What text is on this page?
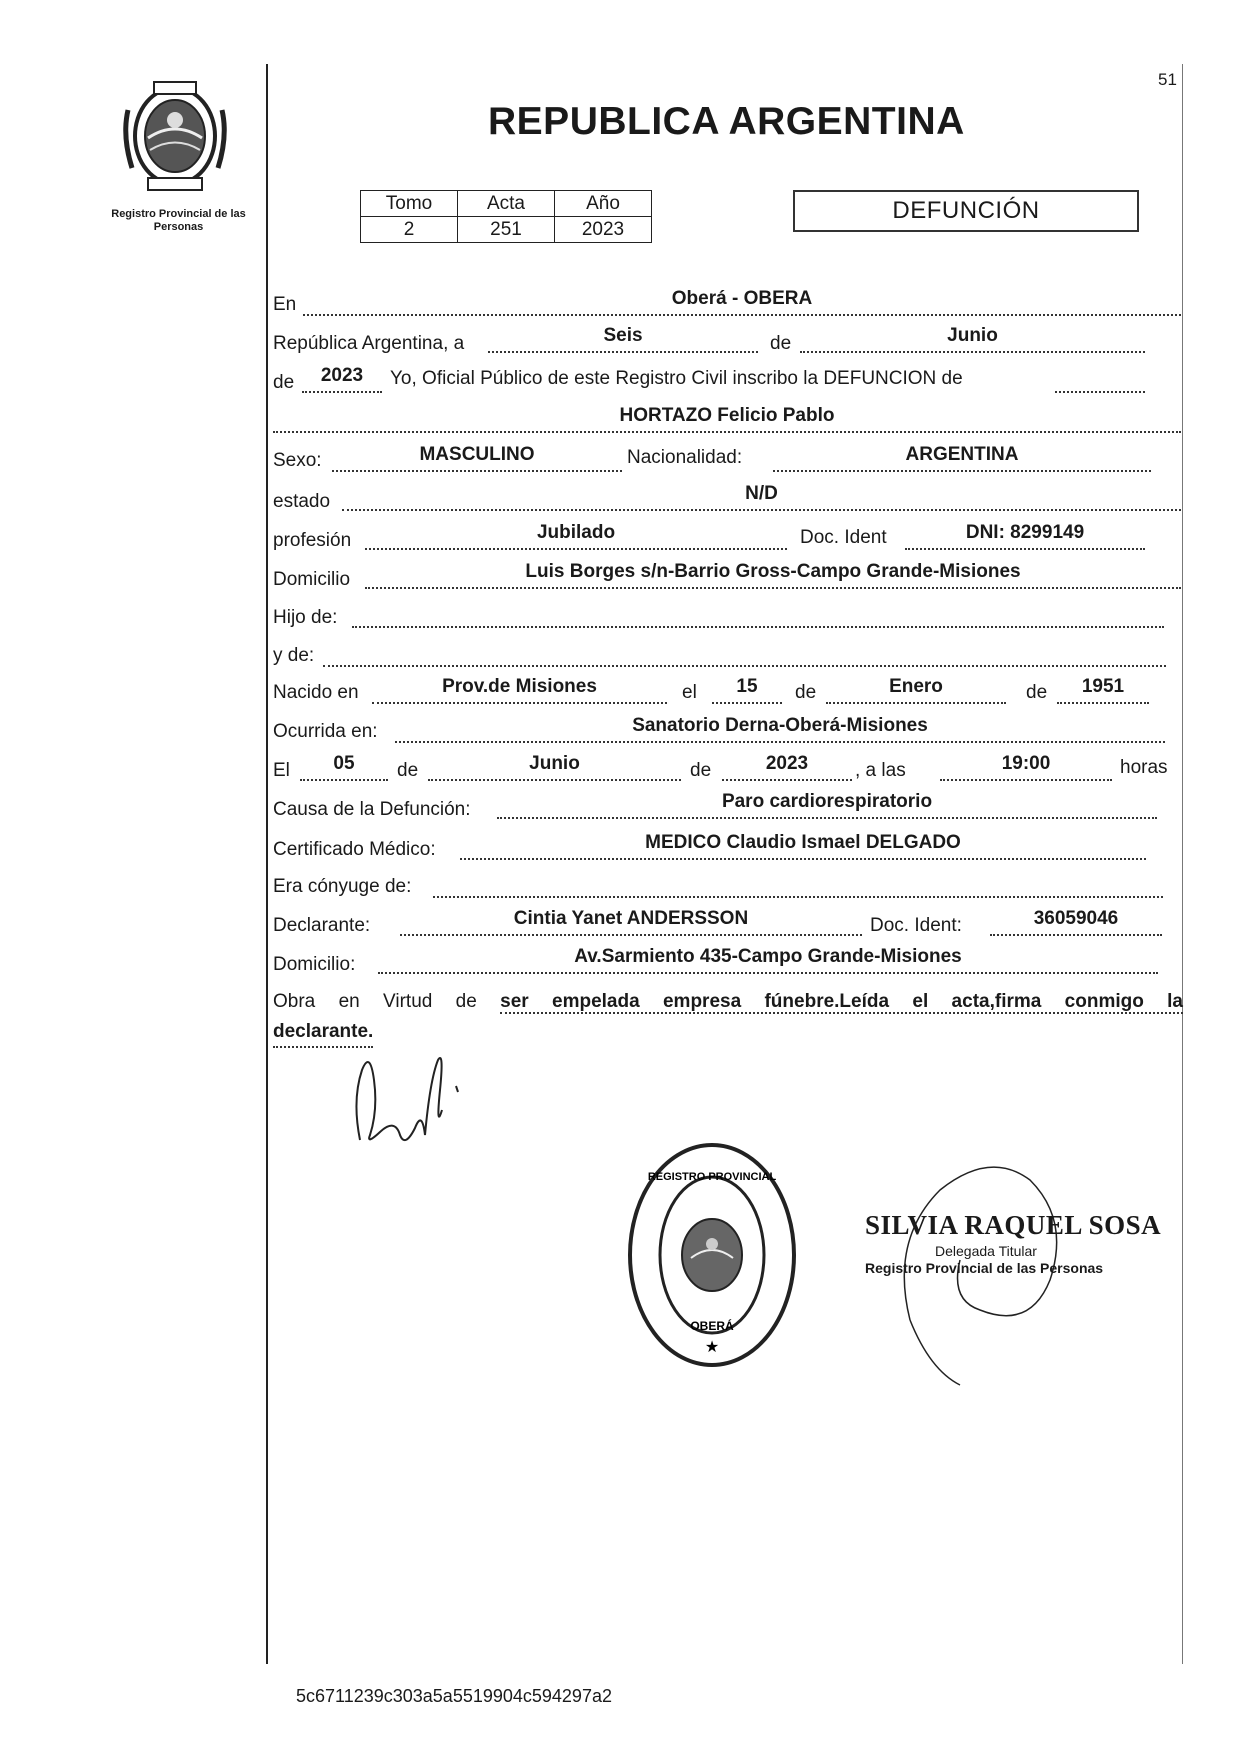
Registro Provincial de las Personas
51
REPUBLICA ARGENTINA
Tomo	Acta	Año
2	251	2023
DEFUNCIÓN
En	Oberá - OBERA
República Argentina, a	Seis	de	Junio
de	2023	Yo, Oficial Público de este Registro Civil inscribo la DEFUNCION de
HORTAZO Felicio Pablo
Sexo:	MASCULINO	Nacionalidad:	ARGENTINA
estado	N/D
profesión	Jubilado	Doc. Ident	DNI: 8299149
Domicilio	Luis Borges s/n-Barrio Gross-Campo Grande-Misiones
Hijo de:
y de:
Nacido en	Prov.de Misiones	el	15	de	Enero	de	1951
Ocurrida en:	Sanatorio Derna-Oberá-Misiones
El	05	de	Junio	de	2023	, a las	19:00	horas
Causa de la Defunción:	Paro cardiorespiratorio
Certificado Médico:	MEDICO Claudio Ismael DELGADO
Era cónyuge de:
Declarante:	Cintia Yanet ANDERSSON	Doc. Ident:	36059046
Domicilio:	Av.Sarmiento 435-Campo Grande-Misiones
Obra en Virtud de ser empelada empresa fúnebre.Leída el acta,firma conmigo la
declarante.
REGISTRO PROVINCIAL
OBERÁ
★
SILVIA RAQUEL SOSA
Delegada Titular
Registro Provincial de las Personas
5c6711239c303a5a5519904c594297a2
